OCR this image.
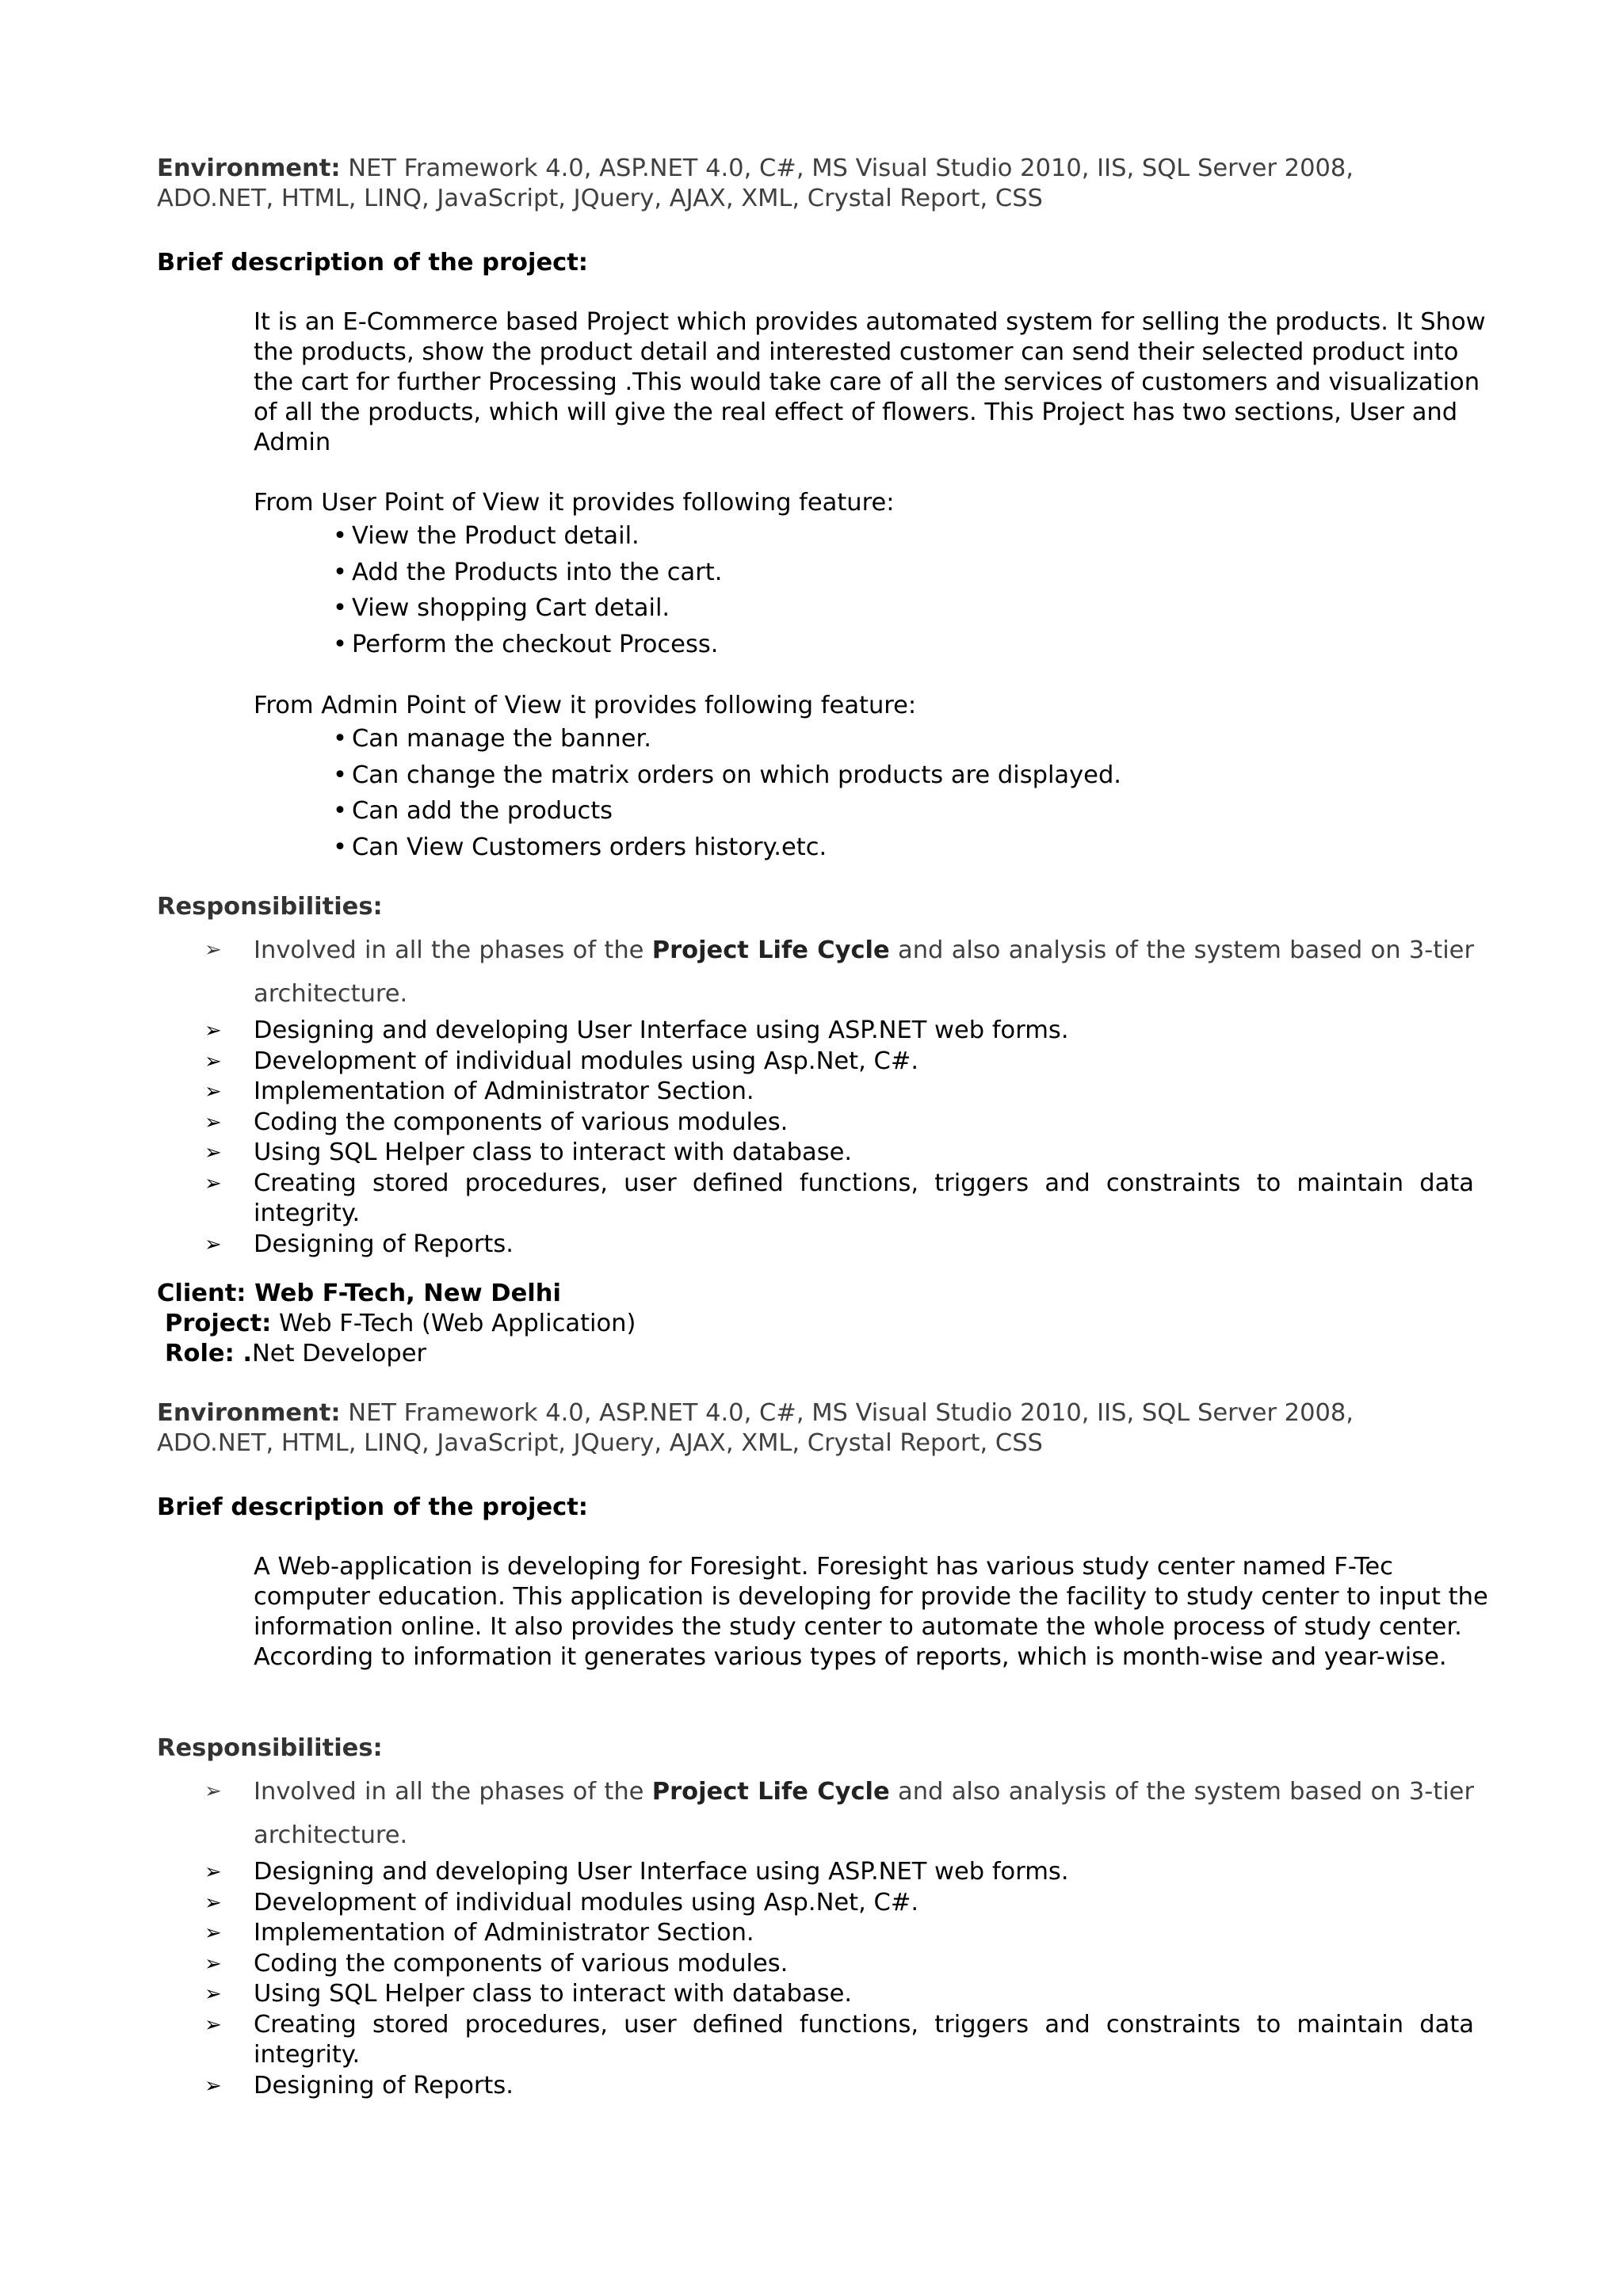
Environment: NET Framework 4.0, ASP.NET 4.0, C#, MS Visual Studio 2010, IIS, SQL Server 2008, ADO.NET, HTML, LINQ, JavaScript, JQuery, AJAX, XML, Crystal Report, CSS
Brief description of the project:

It is an E-Commerce based Project which provides automated system for selling the products. It Show the products, show the product detail and interested customer can send their selected product into the cart for further Processing .This would take care of all the services of customers and visualization of all the products, which will give the real effect of flowers. This Project has two sections, User and Admin

From User Point of View it provides following feature:

• View the Product detail.
• Add the Products into the cart.
• View shopping Cart detail.
• Perform the checkout Process.

From Admin Point of View it provides following feature:

• Can manage the banner.
• Can change the matrix orders on which products are displayed.
• Can add the products
• Can View Customers orders history.etc.
Responsibilities:
➢ Involved in all the phases of the Project Life Cycle and also analysis of the system based on 3-tier architecture.
➢ Designing and developing User Interface using ASP.NET web forms.
➢ Development of individual modules using Asp.Net, C#.
➢ Implementation of Administrator Section.
➢ Coding the components of various modules.
➢ Using SQL Helper class to interact with database.
➢ Creating stored procedures, user defined functions, triggers and constraints to maintain data integrity.
➢ Designing of Reports.
Client: Web F-Tech, New Delhi
Project: Web F-Tech (Web Application)
Role: .Net Developer
Environment: NET Framework 4.0, ASP.NET 4.0, C#, MS Visual Studio 2010, IIS, SQL Server 2008, ADO.NET, HTML, LINQ, JavaScript, JQuery, AJAX, XML, Crystal Report, CSS
Brief description of the project:

A Web-application is developing for Foresight. Foresight has various study center named F-Tec computer education. This application is developing for provide the facility to study center to input the information online. It also provides the study center to automate the whole process of study center. According to information it generates various types of reports, which is month-wise and year-wise.

Responsibilities:
➢ Involved in all the phases of the Project Life Cycle and also analysis of the system based on 3-tier architecture.
➢ Designing and developing User Interface using ASP.NET web forms.
➢ Development of individual modules using Asp.Net, C#.
➢ Implementation of Administrator Section.
➢ Coding the components of various modules.
➢ Using SQL Helper class to interact with database.
➢ Creating stored procedures, user defined functions, triggers and constraints to maintain data integrity.
➢ Designing of Reports.
